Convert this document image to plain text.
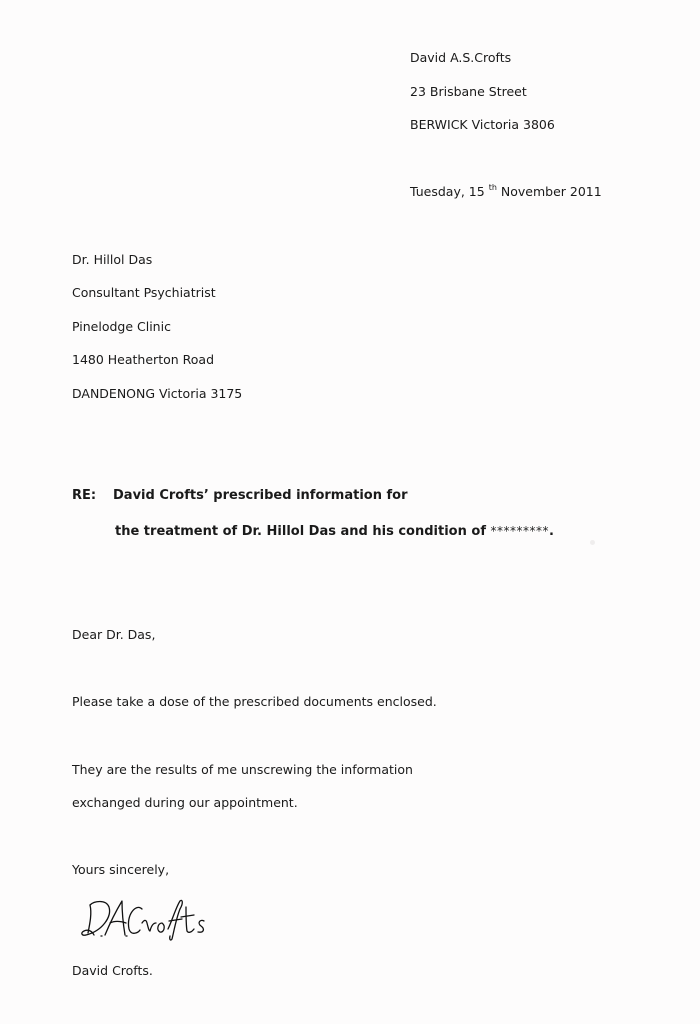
David A.S.Crofts

23 Brisbane Street

BERWICK Victoria 3806

Tuesday, 15 $^{th}$ November 2011

Dr. Hillol Das

Consultant Psychiatrist

Pinelodge Clinic

1480 Heatherton Road

DANDENONG Victoria 3175

RE: David Crofts’ prescribed information for

the treatment of Dr. Hillol Das and his condition of *********.

Dear Dr. Das,

Please take a dose of the prescribed documents enclosed.

They are the results of me unscrewing the information

exchanged during our appointment.

Yours sincerely,

David Crofts.
